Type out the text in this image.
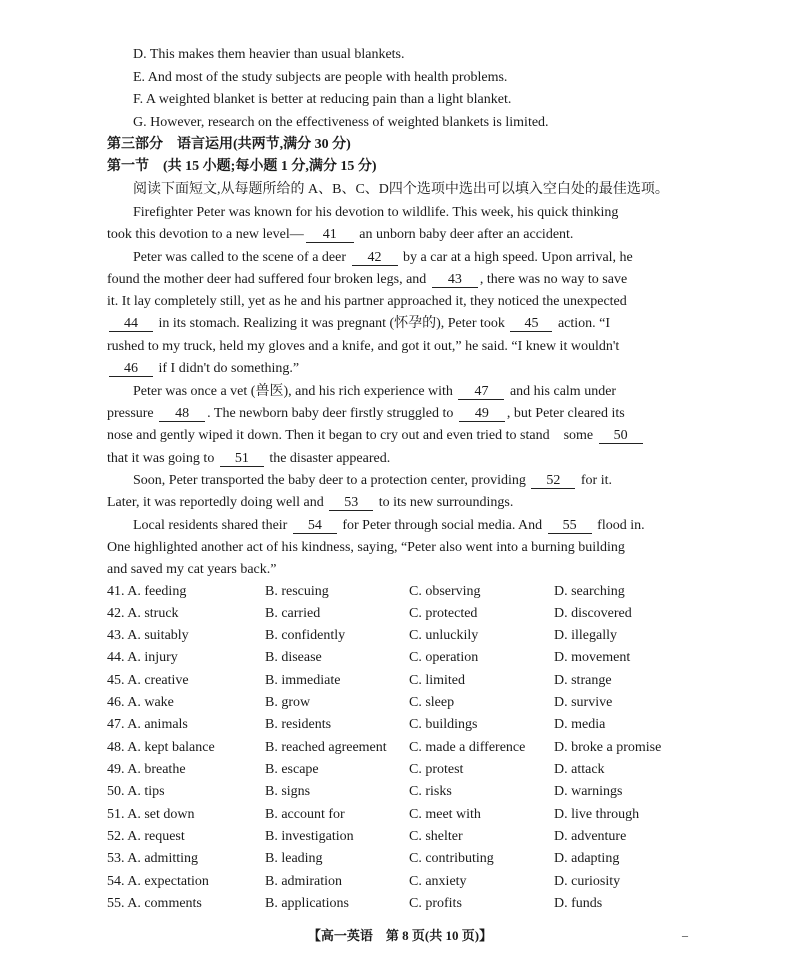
D. This makes them heavier than usual blankets.
E. And most of the study subjects are people with health problems.
F. A weighted blanket is better at reducing pain than a light blanket.
G. However, research on the effectiveness of weighted blankets is limited.
第三部分　语言运用(共两节,满分 30 分)
第一节　(共 15 小题;每小题 1 分,满分 15 分)
阅读下面短文,从每题所给的 A、B、C、D四个选项中选出可以填入空白处的最佳选项。
Firefighter Peter was known for his devotion to wildlife. This week, his quick thinking
took this devotion to a new level— 41 an unborn baby deer after an accident.
Peter was called to the scene of a deer 42 by a car at a high speed. Upon arrival, he
found the mother deer had suffered four broken legs, and 43 , there was no way to save
it. It lay completely still, yet as he and his partner approached it, they noticed the unexpected
44 in its stomach. Realizing it was pregnant (怀孕的), Peter took 45 action. “I
rushed to my truck, held my gloves and a knife, and got it out,” he said. “I knew it wouldn't
46 if I didn't do something.”
Peter was once a vet (兽医), and his rich experience with 47 and his calm under
pressure 48 . The newborn baby deer firstly struggled to 49 , but Peter cleared its
nose and gently wiped it down. Then it began to cry out and even tried to stand　some 50
that it was going to 51 the disaster appeared.
Soon, Peter transported the baby deer to a protection center, providing 52 for it.
Later, it was reportedly doing well and 53 to its new surroundings.
Local residents shared their 54 for Peter through social media. And 55 flood in.
One highlighted another act of his kindness, saying, “Peter also went into a burning building
and saved my cat years back.”
41. A. feeding	B. rescuing	C. observing	D. searching
42. A. struck	B. carried	C. protected	D. discovered
43. A. suitably	B. confidently	C. unluckily	D. illegally
44. A. injury	B. disease	C. operation	D. movement
45. A. creative	B. immediate	C. limited	D. strange
46. A. wake	B. grow	C. sleep	D. survive
47. A. animals	B. residents	C. buildings	D. media
48. A. kept balance	B. reached agreement C. made a difference D. broke a promise
49. A. breathe	B. escape	C. protest	D. attack
50. A. tips	B. signs	C. risks	D. warnings
51. A. set down	B. account for	C. meet with	D. live through
52. A. request	B. investigation	C. shelter	D. adventure
53. A. admitting	B. leading	C. contributing	D. adapting
54. A. expectation	B. admiration	C. anxiety	D. curiosity
55. A. comments	B. applications	C. profits	D. funds
【高一英语　第 8 页(共 10 页)】	–
